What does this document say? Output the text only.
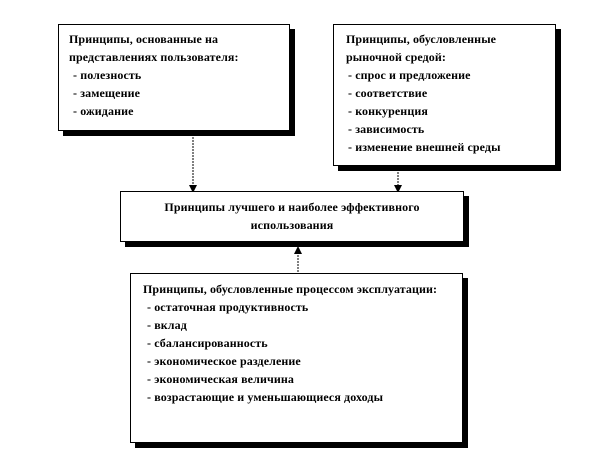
Принципы, основанные на представлениях пользователя:
- полезность
- замещение
- ожидание
Принципы, обусловленные рыночной средой:
- спрос и предложение
- соответствие
- конкуренция
- зависимость
- изменение внешней среды
Принципы лучшего и наиболее эффективного использования
Принципы, обусловленные процессом эксплуатации:
- остаточная продуктивность
- вклад
- сбалансированность
- экономическое разделение
- экономическая величина
- возрастающие и уменьшающиеся доходы
